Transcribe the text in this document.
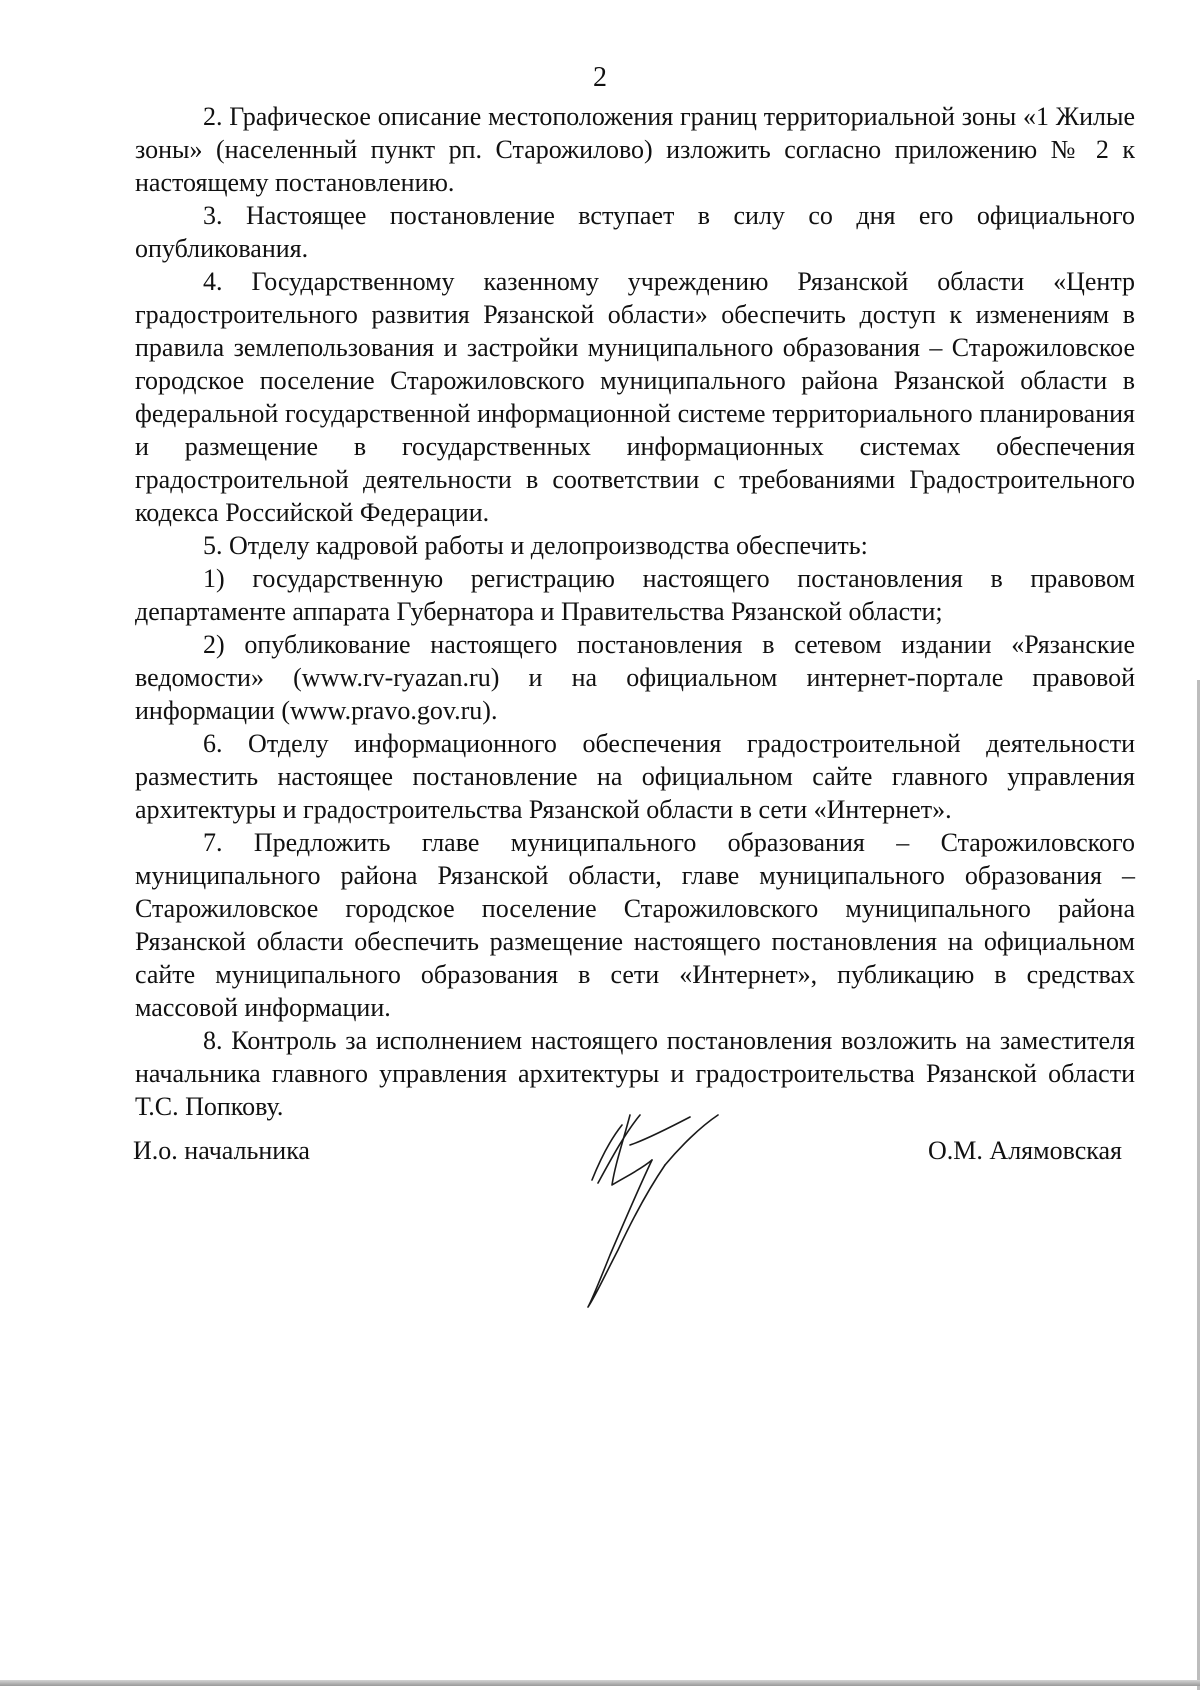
2

2. Графическое описание местоположения границ территориальной зоны «1 Жилые зоны» (населенный пункт рп. Старожилово) изложить согласно приложению № 2 к настоящему постановлению.

3. Настоящее постановление вступает в силу со дня его официального опубликования.

4. Государственному казенному учреждению Рязанской области «Центр градостроительного развития Рязанской области» обеспечить доступ к изменениям в правила землепользования и застройки муниципального образования – Старожиловское городское поселение Старожиловского муниципального района Рязанской области в федеральной государственной информационной системе территориального планирования и размещение в государственных информационных системах обеспечения градостроительной деятельности в соответствии с требованиями Градостроительного кодекса Российской Федерации.

5. Отделу кадровой работы и делопроизводства обеспечить:

1) государственную регистрацию настоящего постановления в правовом департаменте аппарата Губернатора и Правительства Рязанской области;

2) опубликование настоящего постановления в сетевом издании «Рязанские ведомости» (www.rv-ryazan.ru) и на официальном интернет-портале правовой информации (www.pravo.gov.ru).

6. Отделу информационного обеспечения градостроительной деятельности разместить настоящее постановление на официальном сайте главного управления архитектуры и градостроительства Рязанской области в сети «Интернет».

7. Предложить главе муниципального образования – Старожиловского муниципального района Рязанской области, главе муниципального образования – Старожиловское городское поселение Старожиловского муниципального района Рязанской области обеспечить размещение настоящего постановления на официальном сайте муниципального образования в сети «Интернет», публикацию в средствах массовой информации.

8. Контроль за исполнением настоящего постановления возложить на заместителя начальника главного управления архитектуры и градостроительства Рязанской области Т.С. Попкову.

И.о. начальника	О.М. Алямовская
